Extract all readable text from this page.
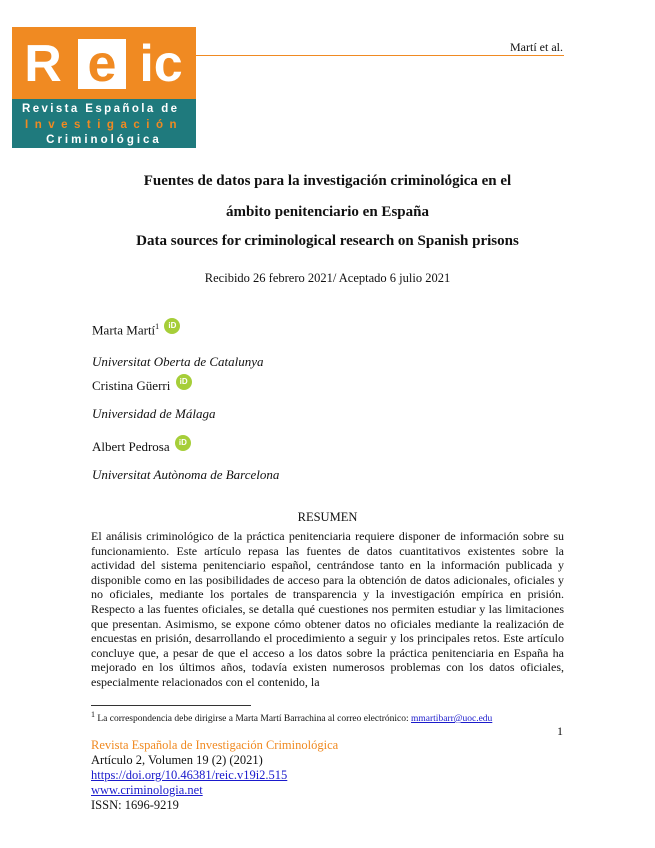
R e ic
Revista Española de
Investigación
Criminológica
Martí et al.
Fuentes de datos para la investigación criminológica en el
ámbito penitenciario en España
Data sources for criminological research on Spanish prisons
Recibido 26 febrero 2021/ Aceptado 6 julio 2021
Marta Martí$^1$ iD
Universitat Oberta de Catalunya
Cristina Güerri iD
Universidad de Málaga
Albert Pedrosa iD
Universitat Autònoma de Barcelona
RESUMEN

El análisis criminológico de la práctica penitenciaria requiere disponer de información sobre su funcionamiento. Este artículo repasa las fuentes de datos cuantitativos existentes sobre la actividad del sistema penitenciario español, centrándose tanto en la información publicada y disponible como en las posibilidades de acceso para la obtención de datos adicionales, oficiales y no oficiales, mediante los portales de transparencia y la investigación empírica en prisión. Respecto a las fuentes oficiales, se detalla qué cuestiones nos permiten estudiar y las limitaciones que presentan. Asimismo, se expone cómo obtener datos no oficiales mediante la realización de encuestas en prisión, desarrollando el procedimiento a seguir y los principales retos. Este artículo concluye que, a pesar de que el acceso a los datos sobre la práctica penitenciaria en España ha mejorado en los últimos años, todavía existen numerosos problemas con los datos oficiales, especialmente relacionados con el contenido, la

$^1$ La correspondencia debe dirigirse a Marta Martí Barrachina al correo electrónico: mmartibarr@uoc.edu
1
Revista Española de Investigación Criminológica
Artículo 2, Volumen 19 (2) (2021)
https://doi.org/10.46381/reic.v19i2.515
www.criminologia.net
ISSN: 1696-9219
